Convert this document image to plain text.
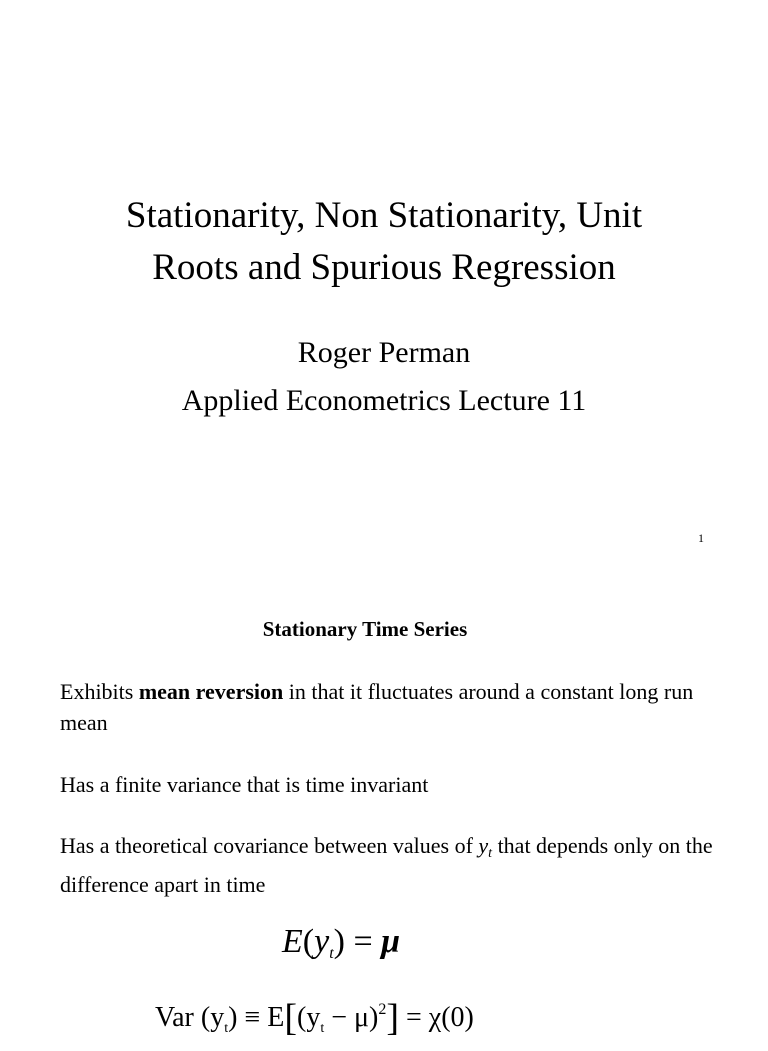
Stationarity, Non Stationarity, Unit
Roots and Spurious Regression
Roger Perman
Applied Econometrics Lecture 11
1
Stationary Time Series
Exhibits mean reversion in that it fluctuates around a constant long run mean
Has a finite variance that is time invariant
Has a theoretical covariance between values of $y_t$ that depends only on the difference apart in time
E(yt) = μ
Var $(y_t) \equiv E[(y_t - \mu)^2] = \chi(0)$
